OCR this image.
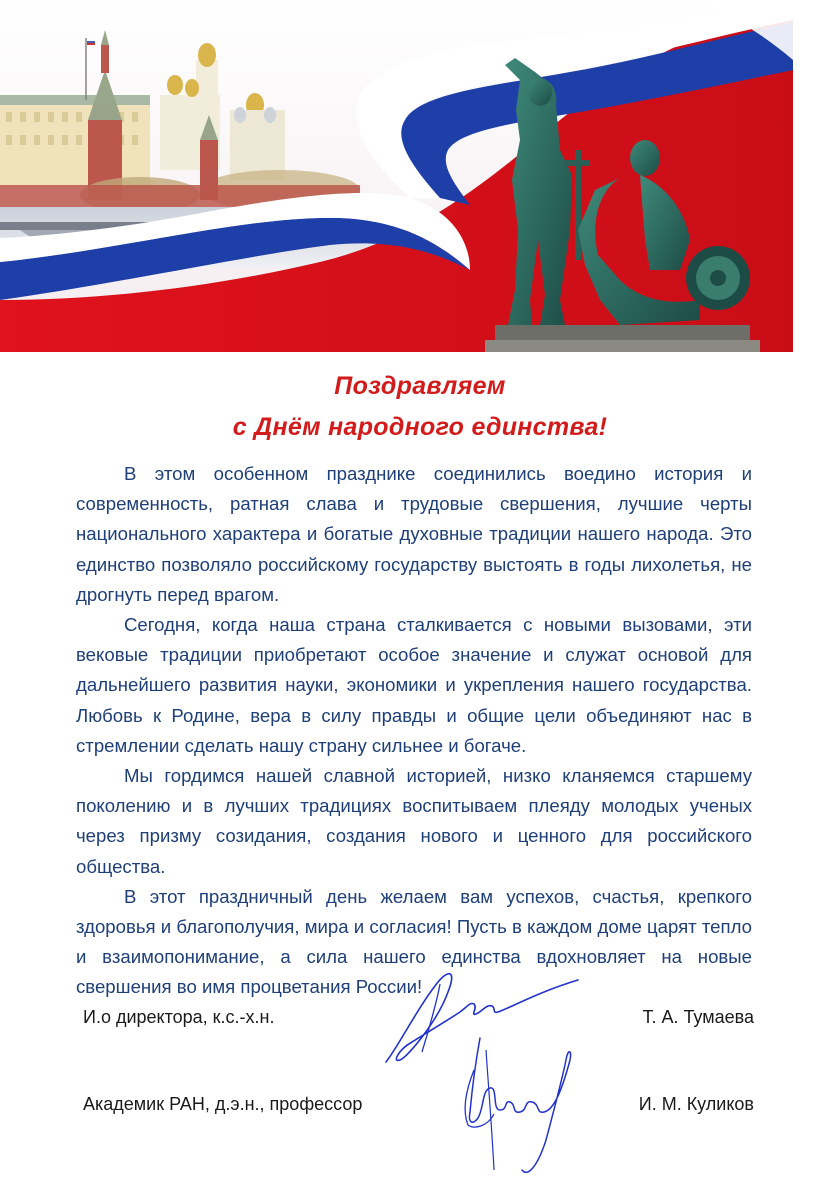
Поздравляем
с Днём народного единства!

В этом особенном празднике соединились воедино история и современность, ратная слава и трудовые свершения, лучшие черты национального характера и богатые духовные традиции нашего народа. Это единство позволяло российскому государству выстоять в годы лихолетья, не дрогнуть перед врагом.

Сегодня, когда наша страна сталкивается с новыми вызовами, эти вековые традиции приобретают особое значение и служат основой для дальнейшего развития науки, экономики и укрепления нашего государства. Любовь к Родине, вера в силу правды и общие цели объединяют нас в стремлении сделать нашу страну сильнее и богаче.

Мы гордимся нашей славной историей, низко кланяемся старшему поколению и в лучших традициях воспитываем плеяду молодых ученых через призму созидания, создания нового и ценного для российского общества.

В этот праздничный день желаем вам успехов, счастья, крепкого здоровья и благополучия, мира и согласия! Пусть в каждом доме царят тепло и взаимопонимание, а сила нашего единства вдохновляет на новые свершения во имя процветания России!

И.о директора, к.с.-х.н.	Т. А. Тумаева
Академик РАН, д.э.н., профессор	И. М. Куликов
